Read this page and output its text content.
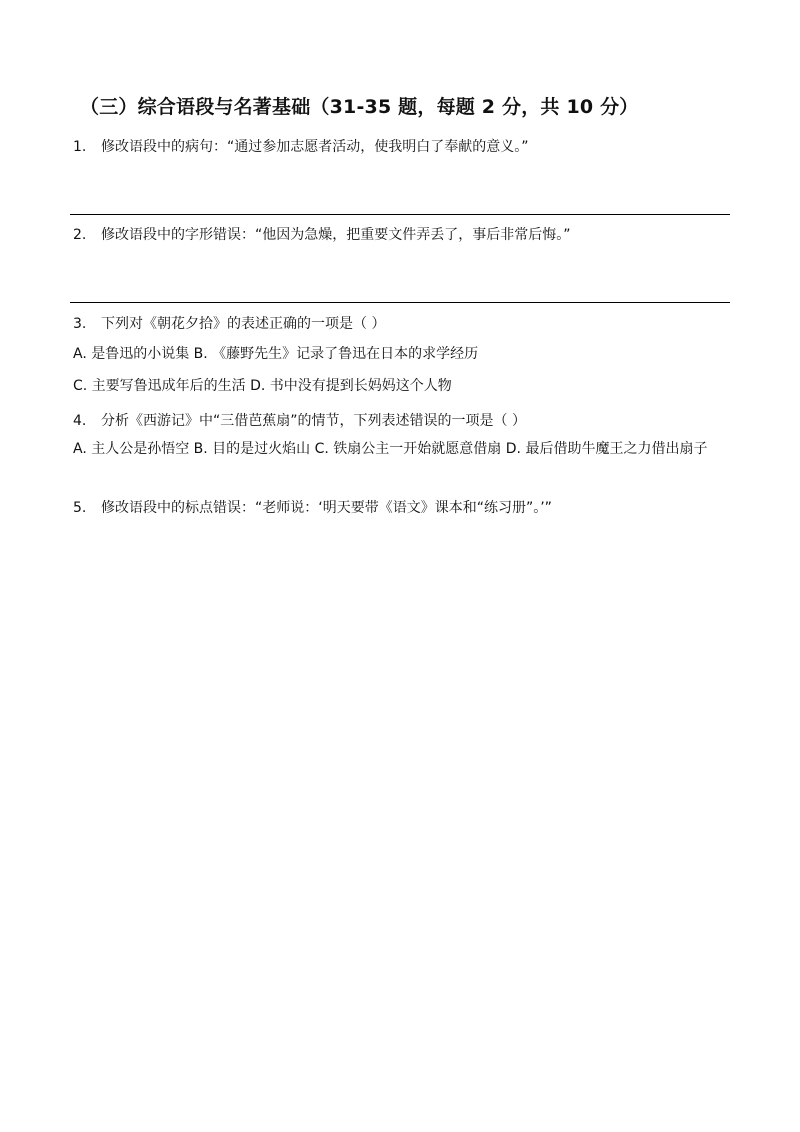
（三）综合语段与名著基础（31-35 题，每题 2 分，共 10 分）
1. 修改语段中的病句：“通过参加志愿者活动，使我明白了奉献的意义。”
2. 修改语段中的字形错误：“他因为急燥，把重要文件弄丢了，事后非常后悔。”
3. 下列对《朝花夕拾》的表述正确的一项是（ ）
A. 是鲁迅的小说集 B. 《藤野先生》记录了鲁迅在日本的求学经历
C. 主要写鲁迅成年后的生活 D. 书中没有提到长妈妈这个人物
4. 分析《西游记》中“三借芭蕉扇”的情节，下列表述错误的一项是（ ）
A. 主人公是孙悟空 B. 目的是过火焰山 C. 铁扇公主一开始就愿意借扇 D. 最后借助牛魔王之力借出扇子
5. 修改语段中的标点错误：“老师说：‘明天要带《语文》课本和“练习册”。’”
